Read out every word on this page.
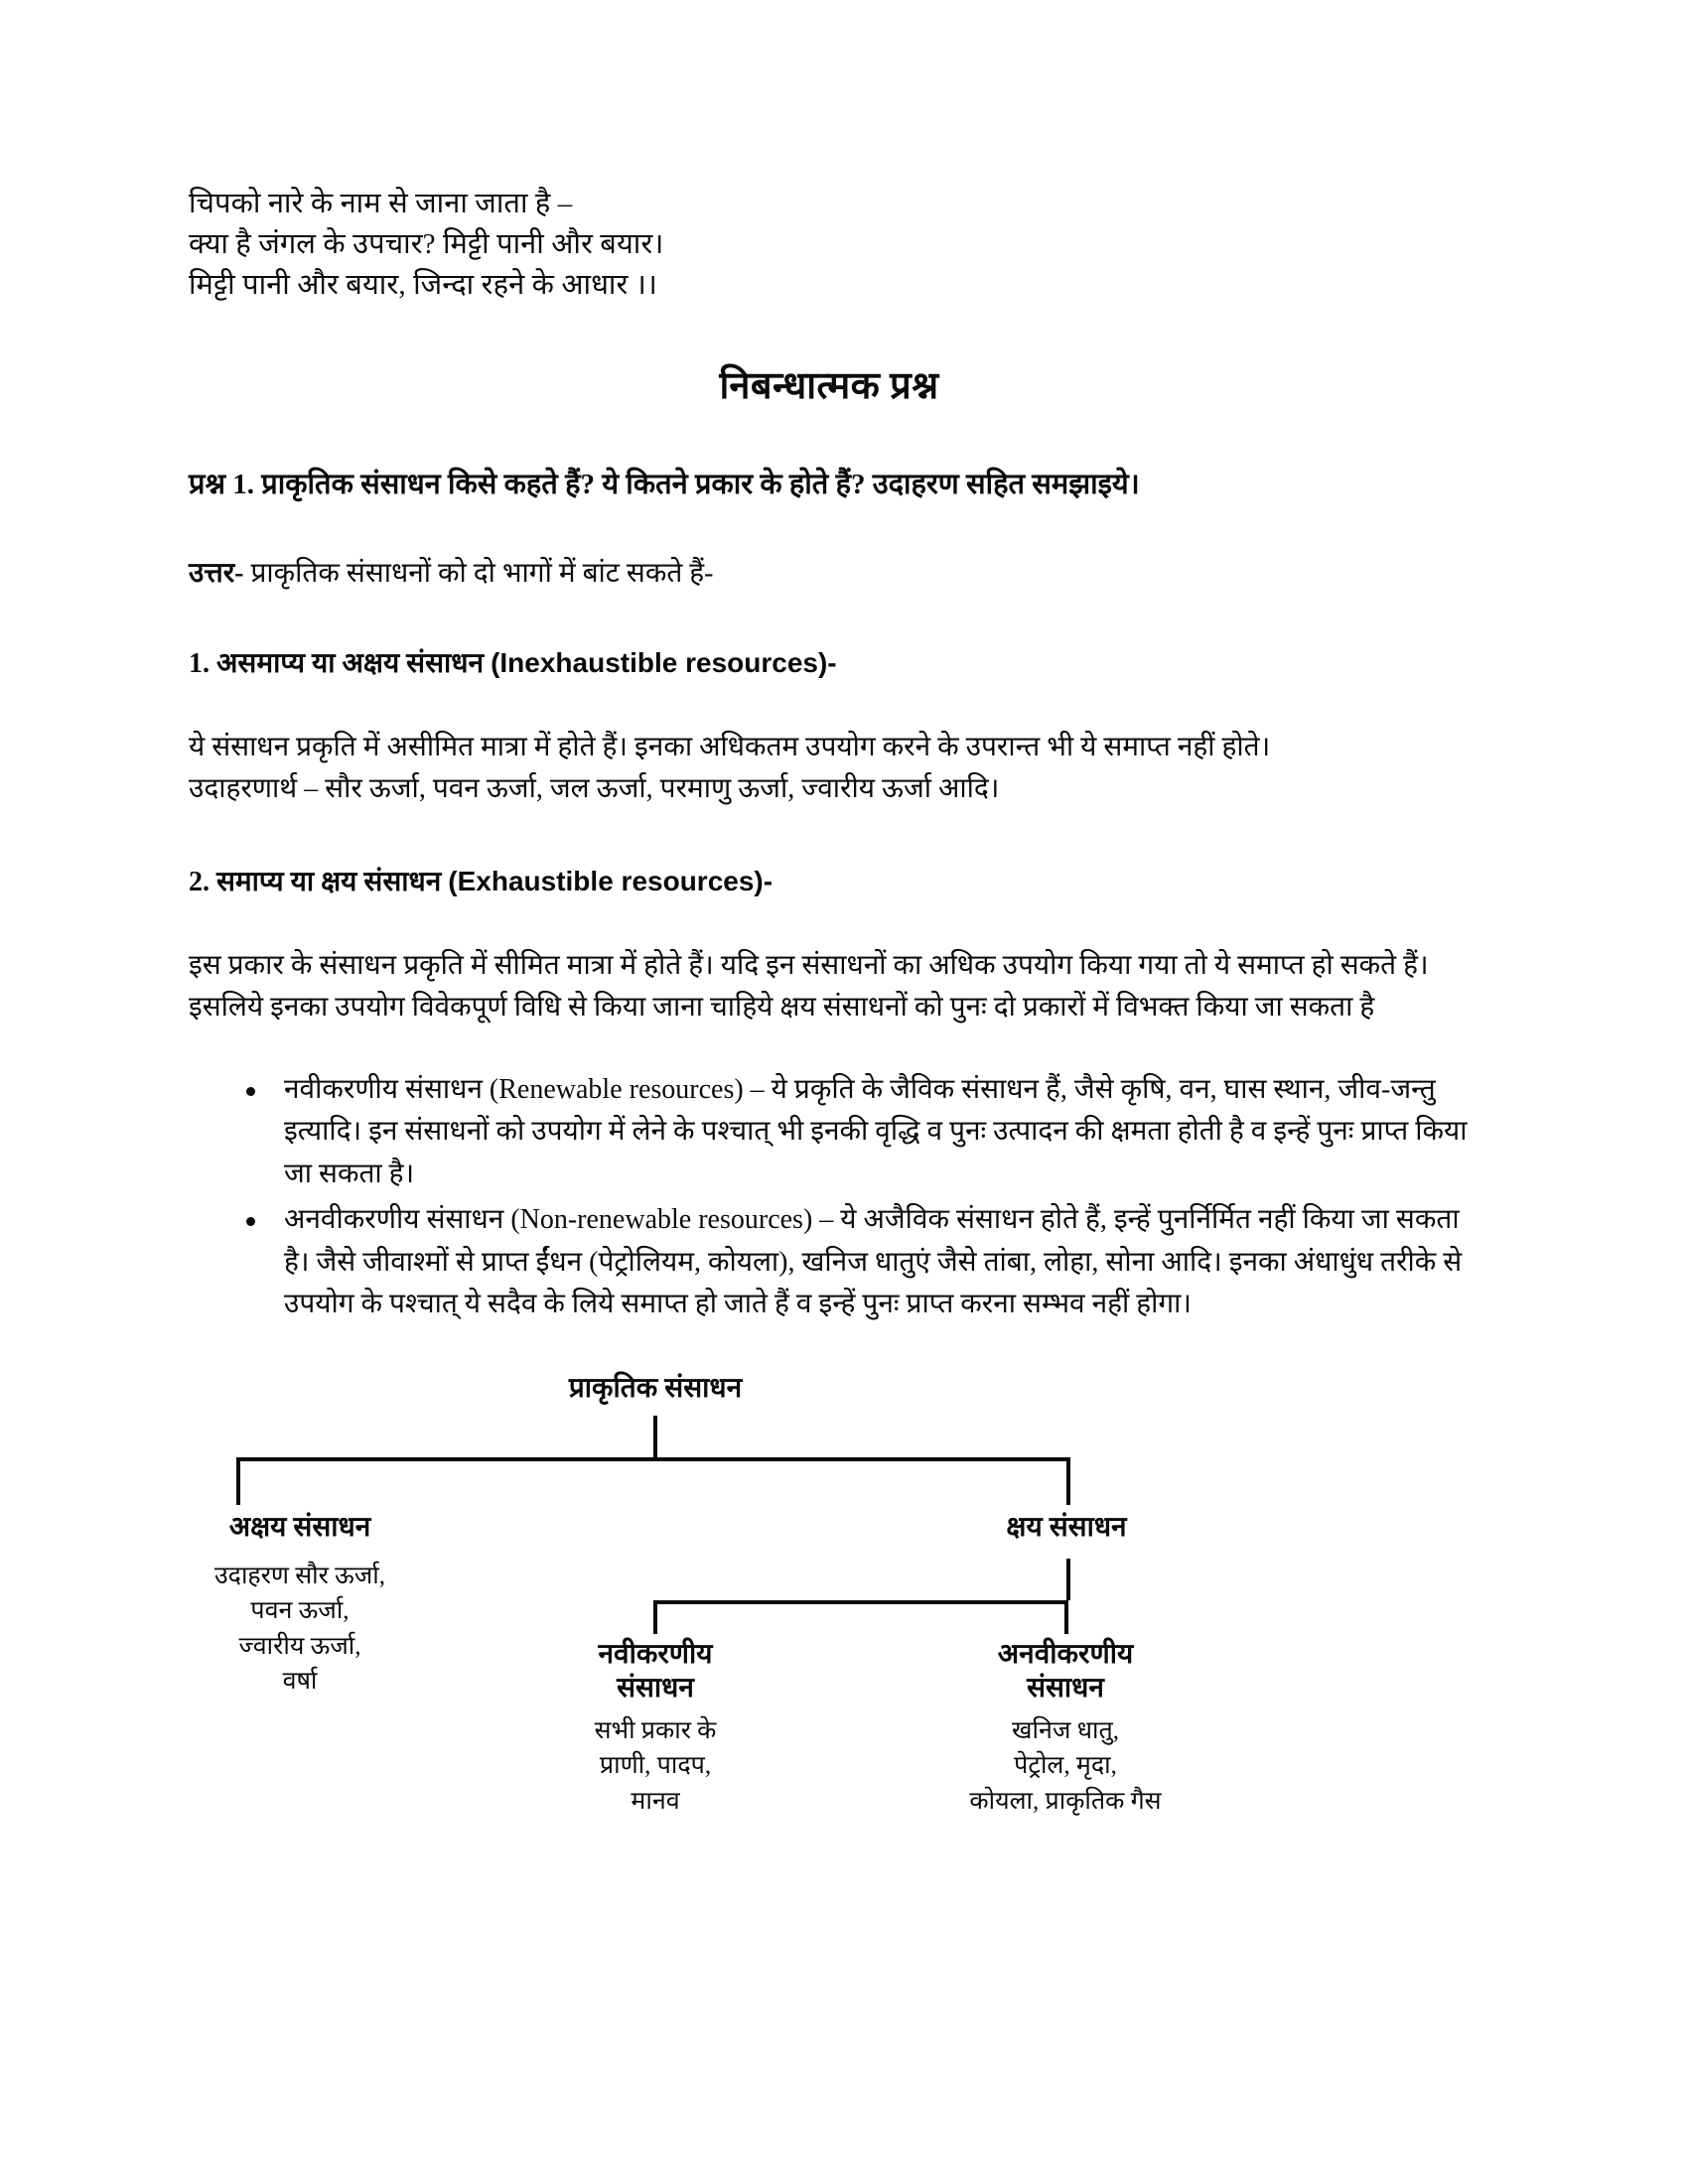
चिपको नारे के नाम से जाना जाता है –
क्या है जंगल के उपचार? मिट्टी पानी और बयार।
मिट्टी पानी और बयार, जिन्दा रहने के आधार ।।
निबन्धात्मक प्रश्न
प्रश्न 1. प्राकृतिक संसाधन किसे कहते हैं? ये कितने प्रकार के होते हैं? उदाहरण सहित समझाइये।
उत्तर- प्राकृतिक संसाधनों को दो भागों में बांट सकते हैं-
1. असमाप्य या अक्षय संसाधन (Inexhaustible resources)-
ये संसाधन प्रकृति में असीमित मात्रा में होते हैं। इनका अधिकतम उपयोग करने के उपरान्त भी ये समाप्त नहीं होते।
उदाहरणार्थ – सौर ऊर्जा, पवन ऊर्जा, जल ऊर्जा, परमाणु ऊर्जा, ज्वारीय ऊर्जा आदि।
2. समाप्य या क्षय संसाधन (Exhaustible resources)-
इस प्रकार के संसाधन प्रकृति में सीमित मात्रा में होते हैं। यदि इन संसाधनों का अधिक उपयोग किया गया तो ये समाप्त हो सकते हैं। इसलिये इनका उपयोग विवेकपूर्ण विधि से किया जाना चाहिये क्षय संसाधनों को पुनः दो प्रकारों में विभक्त किया जा सकता है
नवीकरणीय संसाधन (Renewable resources) – ये प्रकृति के जैविक संसाधन हैं, जैसे कृषि, वन, घास स्थान, जीव-जन्तु इत्यादि। इन संसाधनों को उपयोग में लेने के पश्चात् भी इनकी वृद्धि व पुनः उत्पादन की क्षमता होती है व इन्हें पुनः प्राप्त किया जा सकता है।
अनवीकरणीय संसाधन (Non-renewable resources) – ये अजैविक संसाधन होते हैं, इन्हें पुनर्निर्मित नहीं किया जा सकता है। जैसे जीवाश्मों से प्राप्त ईंधन (पेट्रोलियम, कोयला), खनिज धातुएं जैसे तांबा, लोहा, सोना आदि। इनका अंधाधुंध तरीके से उपयोग के पश्चात् ये सदैव के लिये समाप्त हो जाते हैं व इन्हें पुनः प्राप्त करना सम्भव नहीं होगा।
प्राकृतिक संसाधन
अक्षय संसाधन
उदाहरण सौर ऊर्जा,
पवन ऊर्जा,
ज्वारीय ऊर्जा,
वर्षा
क्षय संसाधन
नवीकरणीय
संसाधन
सभी प्रकार के
प्राणी, पादप,
मानव
अनवीकरणीय
संसाधन
खनिज धातु,
पेट्रोल, मृदा,
कोयला, प्राकृतिक गैस
